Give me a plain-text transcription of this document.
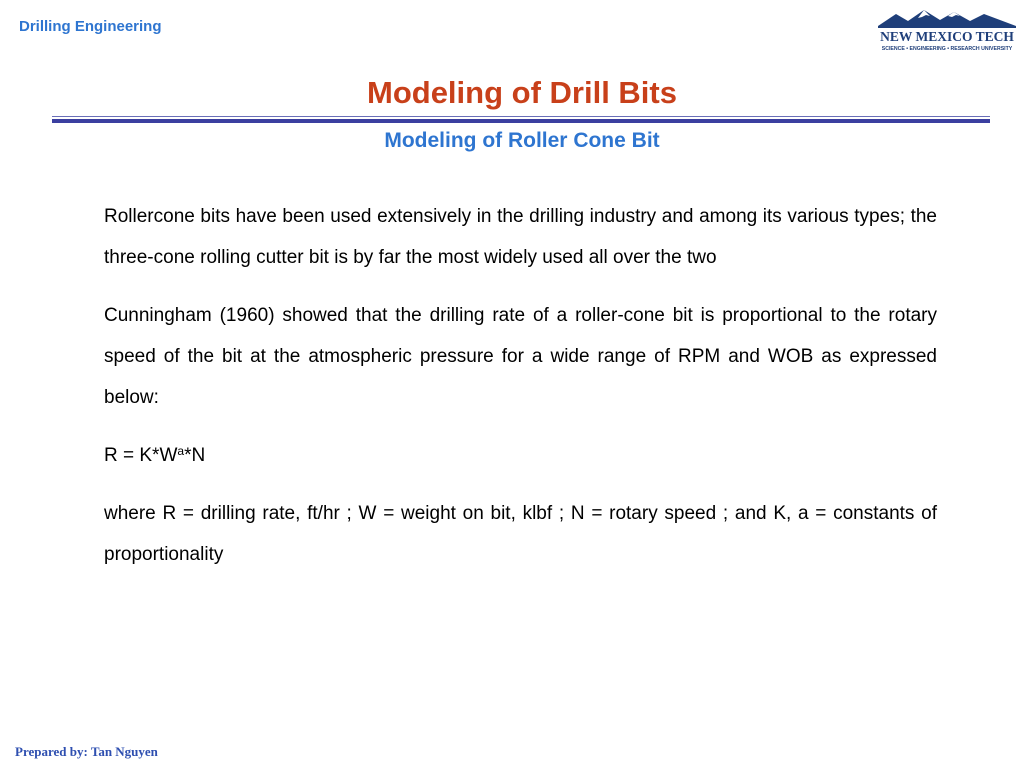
Drilling Engineering
NEW MEXICO TECH
SCIENCE • ENGINEERING • RESEARCH UNIVERSITY
Modeling of Drill Bits
Modeling of Roller Cone Bit

Rollercone bits have been used extensively in the drilling industry and among its various types; the three-cone rolling cutter bit is by far the most widely used all over the two

Cunningham (1960) showed that the drilling rate of a roller-cone bit is proportional to the rotary speed of the bit at the atmospheric pressure for a wide range of RPM and WOB as expressed below:

$R = K*W^a*N$

where R = drilling rate, ft/hr ; W = weight on bit, klbf ; N = rotary speed ; and K, a = constants of proportionality

Prepared by: Tan Nguyen
